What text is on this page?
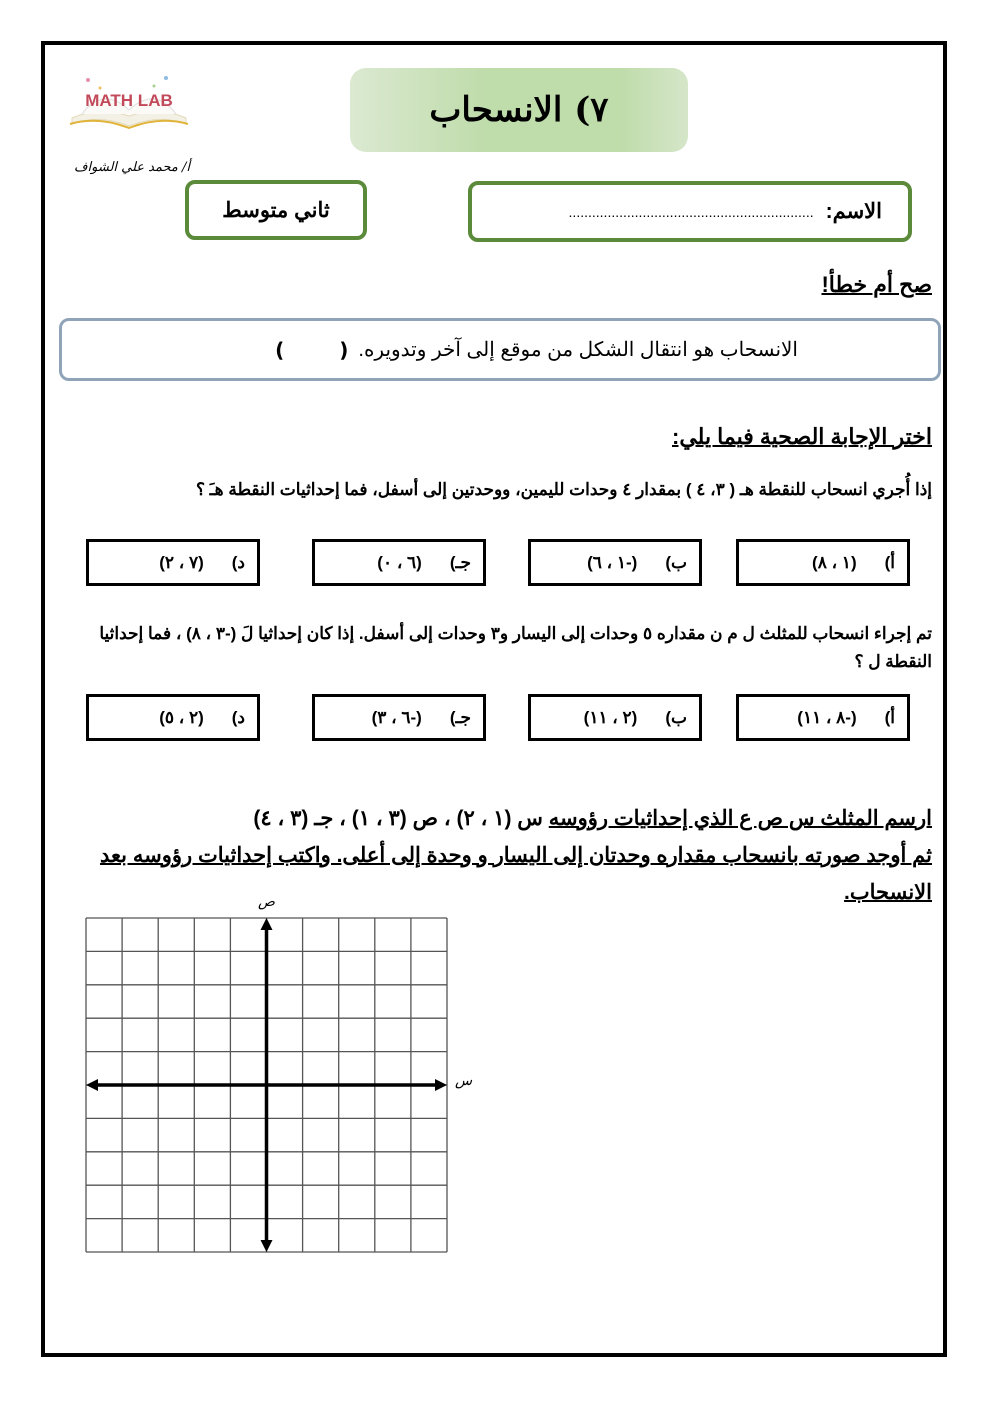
MATH LAB
أ/ محمد علي الشواف
٧) الانسحاب
ثاني متوسط	الاسم:
...............................................................
صح أم خطأ!
الانسحاب هو انتقال الشكل من موقع إلى آخر وتدويره.
( )
اختر الإجابة الصحية فيما يلي:
إذا أُجري انسحاب للنقطة هـ ( ٣، ٤ ) بمقدار ٤ وحدات لليمين، ووحدتين إلى أسفل، فما إحداثيات النقطة هـَ ؟
أ)
(١ ، ٨)
ب)
(-١ ، ٦)
جـ)
(٦ ، ٠)
د)
(٧ ، ٢)
تم إجراء انسحاب للمثلث ل م ن مقداره ٥ وحدات إلى اليسار و٣ وحدات إلى أسفل. إذا كان إحداثيا لَ (-٣ ، ٨) ، فما إحداثيا النقطة ل ؟
أ)
(-٨ ، ١١)
ب)
(٢ ، ١١)
جـ)
(-٦ ، ٣)
د)
(٢ ، ٥)
ارسم المثلث س ص ع الذي إحداثيات رؤوسه س (١ ، ٢) ، ص (٣ ، ١) ، جـ (٣ ، ٤)
ثم أوجد صورته بانسحاب مقداره وحدتان إلى اليسار و وحدة إلى أعلى. واكتب إحداثيات رؤوسه بعد الانسحاب.
ص
س
